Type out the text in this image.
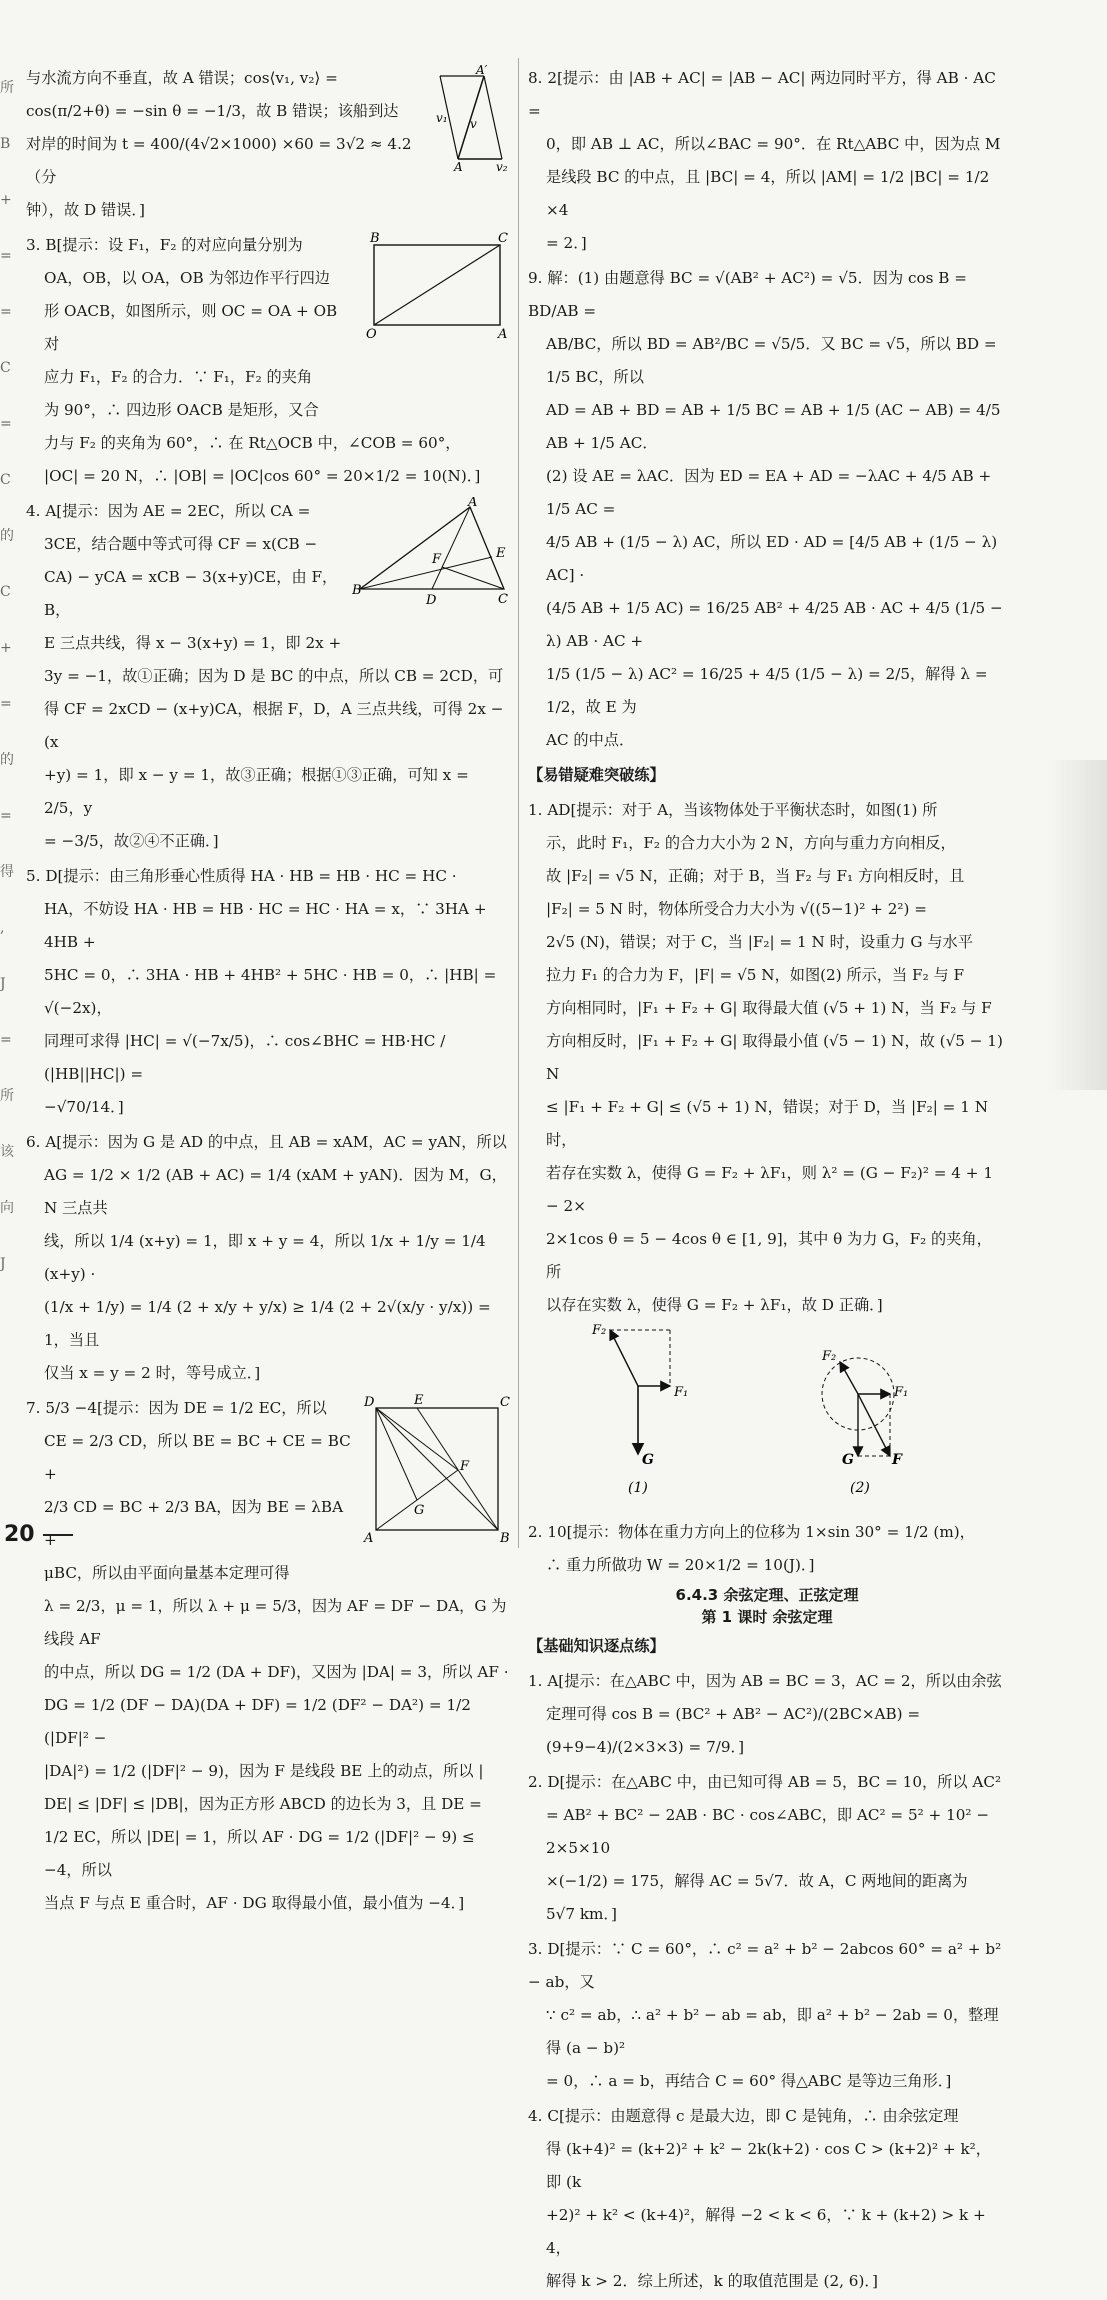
所
B
+
=
=
C
=
C
的
C
+
=
的
=
得
,
J
=
所
该
向
J
A′
v₁ v
A	v₂

与水流方向不垂直，故 A 错误；cos⟨v₁, v₂⟩ =

cos(π/2+θ) = −sin θ = −1/3，故 B 错误；该船到达

对岸的时间为 t = 400/(4√2×1000) ×60 = 3√2 ≈ 4.2（分

钟），故 D 错误．]

B	C
O	A

3. B[提示：设 F₁，F₂ 的对应向量分别为

OA，OB，以 OA，OB 为邻边作平行四边

形 OACB，如图所示，则 OC = OA + OB 对

应力 F₁，F₂ 的合力．∵ F₁，F₂ 的夹角

为 90°，∴ 四边形 OACB 是矩形，又合

力与 F₂ 的夹角为 60°，∴ 在 Rt△OCB 中，∠COB = 60°，

|OC| = 20 N，∴ |OB| = |OC|cos 60° = 20×1/2 = 10(N)．]

A
E
F
B
D	C

4. A[提示：因为 AE = 2EC，所以 CA =

3CE，结合题中等式可得 CF = x(CB −

CA) − yCA = xCB − 3(x+y)CE，由 F，B，

E 三点共线，得 x − 3(x+y) = 1，即 2x +

3y = −1，故①正确；因为 D 是 BC 的中点，所以 CB = 2CD，可

得 CF = 2xCD − (x+y)CA，根据 F，D，A 三点共线，可得 2x − (x

+y) = 1，即 x − y = 1，故③正确；根据①③正确，可知 x = 2/5，y

= −3/5，故②④不正确．]

5. D[提示：由三角形垂心性质得 HA · HB = HB · HC = HC ·

HA，不妨设 HA · HB = HB · HC = HC · HA = x，∵ 3HA + 4HB +

5HC = 0，∴ 3HA · HB + 4HB² + 5HC · HB = 0，∴ |HB| = √(−2x)，

同理可求得 |HC| = √(−7x/5)，∴ cos∠BHC = HB·HC / (|HB||HC|) =

−√70/14．]

6. A[提示：因为 G 是 AD 的中点，且 AB = xAM，AC = yAN，所以

AG = 1/2 × 1/2 (AB + AC) = 1/4 (xAM + yAN)．因为 M，G，N 三点共

线，所以 1/4 (x+y) = 1，即 x + y = 4，所以 1/x + 1/y = 1/4 (x+y) ·

(1/x + 1/y) = 1/4 (2 + x/y + y/x) ≥ 1/4 (2 + 2√(x/y · y/x)) = 1，当且

仅当 x = y = 2 时，等号成立．]

D	E	C
F
G
A	B

7. 5/3 −4[提示：因为 DE = 1/2 EC，所以

CE = 2/3 CD，所以 BE = BC + CE = BC +

2/3 CD = BC + 2/3 BA，因为 BE = λBA +

μBC，所以由平面向量基本定理可得

λ = 2/3，μ = 1，所以 λ + μ = 5/3，因为 AF = DF − DA，G 为线段 AF

的中点，所以 DG = 1/2 (DA + DF)，又因为 |DA| = 3，所以 AF ·

DG = 1/2 (DF − DA)(DA + DF) = 1/2 (DF² − DA²) = 1/2 (|DF|² −

|DA|²) = 1/2 (|DF|² − 9)，因为 F 是线段 BE 上的动点，所以 |

DE| ≤ |DF| ≤ |DB|，因为正方形 ABCD 的边长为 3，且 DE =

1/2 EC，所以 |DE| = 1，所以 AF · DG = 1/2 (|DF|² − 9) ≤ −4，所以

当点 F 与点 E 重合时，AF · DG 取得最小值，最小值为 −4．]

8. 2[提示：由 |AB + AC| = |AB − AC| 两边同时平方，得 AB · AC =

0，即 AB ⊥ AC，所以∠BAC = 90°．在 Rt△ABC 中，因为点 M

是线段 BC 的中点，且 |BC| = 4，所以 |AM| = 1/2 |BC| = 1/2 ×4

= 2．]

9. 解：(1) 由题意得 BC = √(AB² + AC²) = √5．因为 cos B = BD/AB =

AB/BC，所以 BD = AB²/BC = √5/5．又 BC = √5，所以 BD = 1/5 BC，所以

AD = AB + BD = AB + 1/5 BC = AB + 1/5 (AC − AB) = 4/5 AB + 1/5 AC．

(2) 设 AE = λAC．因为 ED = EA + AD = −λAC + 4/5 AB + 1/5 AC =

4/5 AB + (1/5 − λ) AC，所以 ED · AD = [4/5 AB + (1/5 − λ) AC] ·

(4/5 AB + 1/5 AC) = 16/25 AB² + 4/25 AB · AC + 4/5 (1/5 − λ) AB · AC +

1/5 (1/5 − λ) AC² = 16/25 + 4/5 (1/5 − λ) = 2/5，解得 λ = 1/2，故 E 为

AC 的中点．

【易错疑难突破练】

1. AD[提示：对于 A，当该物体处于平衡状态时，如图(1) 所

示，此时 F₁，F₂ 的合力大小为 2 N，方向与重力方向相反，

故 |F₂| = √5 N，正确；对于 B，当 F₂ 与 F₁ 方向相反时，且

|F₂| = 5 N 时，物体所受合力大小为 √((5−1)² + 2²) =

2√5 (N)，错误；对于 C，当 |F₂| = 1 N 时，设重力 G 与水平

拉力 F₁ 的合力为 F，|F| = √5 N，如图(2) 所示，当 F₂ 与 F

方向相同时，|F₁ + F₂ + G| 取得最大值 (√5 + 1) N，当 F₂ 与 F

方向相反时，|F₁ + F₂ + G| 取得最小值 (√5 − 1) N，故 (√5 − 1) N

≤ |F₁ + F₂ + G| ≤ (√5 + 1) N，错误；对于 D，当 |F₂| = 1 N 时，

若存在实数 λ，使得 G = F₂ + λF₁，则 λ² = (G − F₂)² = 4 + 1 − 2×

2×1cos θ = 5 − 4cos θ ∈ [1, 9]，其中 θ 为力 G，F₂ 的夹角，所

以存在实数 λ，使得 G = F₂ + λF₁，故 D 正确．]

F₂
F₁
G
(1)
F₂
F₁
G	F
(2)

2. 10[提示：物体在重力方向上的位移为 1×sin 30° = 1/2 (m)，

∴ 重力所做功 W = 20×1/2 = 10(J)．]

6.4.3 余弦定理、正弦定理

第 1 课时 余弦定理

【基础知识逐点练】

1. A[提示：在△ABC 中，因为 AB = BC = 3，AC = 2，所以由余弦

定理可得 cos B = (BC² + AB² − AC²)/(2BC×AB) = (9+9−4)/(2×3×3) = 7/9．]

2. D[提示：在△ABC 中，由已知可得 AB = 5，BC = 10，所以 AC²

= AB² + BC² − 2AB · BC · cos∠ABC，即 AC² = 5² + 10² − 2×5×10

×(−1/2) = 175，解得 AC = 5√7．故 A，C 两地间的距离为

5√7 km．]

3. D[提示：∵ C = 60°，∴ c² = a² + b² − 2abcos 60° = a² + b² − ab，又

∵ c² = ab，∴ a² + b² − ab = ab，即 a² + b² − 2ab = 0，整理得 (a − b)²

= 0，∴ a = b，再结合 C = 60° 得△ABC 是等边三角形．]

4. C[提示：由题意得 c 是最大边，即 C 是钝角，∴ 由余弦定理

得 (k+4)² = (k+2)² + k² − 2k(k+2) · cos C > (k+2)² + k²，即 (k

+2)² + k² < (k+4)²，解得 −2 < k < 6，∵ k + (k+2) > k + 4，

解得 k > 2．综上所述，k 的取值范围是 (2, 6)．]

20
